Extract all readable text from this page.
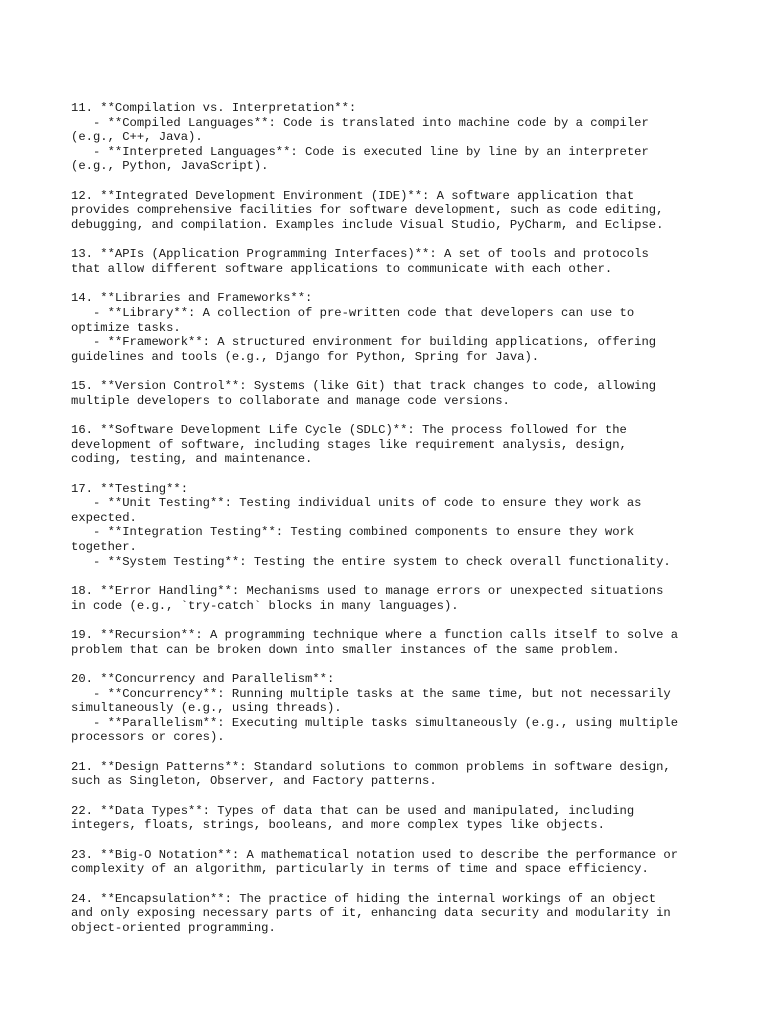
11. **Compilation vs. Interpretation**:
- **Compiled Languages**: Code is translated into machine code by a compiler
(e.g., C++, Java).
- **Interpreted Languages**: Code is executed line by line by an interpreter
(e.g., Python, JavaScript).
12. **Integrated Development Environment (IDE)**: A software application that
provides comprehensive facilities for software development, such as code editing,
debugging, and compilation. Examples include Visual Studio, PyCharm, and Eclipse.
13. **APIs (Application Programming Interfaces)**: A set of tools and protocols
that allow different software applications to communicate with each other.
14. **Libraries and Frameworks**:
- **Library**: A collection of pre-written code that developers can use to
optimize tasks.
- **Framework**: A structured environment for building applications, offering
guidelines and tools (e.g., Django for Python, Spring for Java).
15. **Version Control**: Systems (like Git) that track changes to code, allowing
multiple developers to collaborate and manage code versions.
16. **Software Development Life Cycle (SDLC)**: The process followed for the
development of software, including stages like requirement analysis, design,
coding, testing, and maintenance.
17. **Testing**:
- **Unit Testing**: Testing individual units of code to ensure they work as
expected.
- **Integration Testing**: Testing combined components to ensure they work
together.
- **System Testing**: Testing the entire system to check overall functionality.
18. **Error Handling**: Mechanisms used to manage errors or unexpected situations
in code (e.g., `try-catch` blocks in many languages).
19. **Recursion**: A programming technique where a function calls itself to solve a
problem that can be broken down into smaller instances of the same problem.
20. **Concurrency and Parallelism**:
- **Concurrency**: Running multiple tasks at the same time, but not necessarily
simultaneously (e.g., using threads).
- **Parallelism**: Executing multiple tasks simultaneously (e.g., using multiple
processors or cores).
21. **Design Patterns**: Standard solutions to common problems in software design,
such as Singleton, Observer, and Factory patterns.
22. **Data Types**: Types of data that can be used and manipulated, including
integers, floats, strings, booleans, and more complex types like objects.
23. **Big-O Notation**: A mathematical notation used to describe the performance or
complexity of an algorithm, particularly in terms of time and space efficiency.
24. **Encapsulation**: The practice of hiding the internal workings of an object
and only exposing necessary parts of it, enhancing data security and modularity in
object-oriented programming.
